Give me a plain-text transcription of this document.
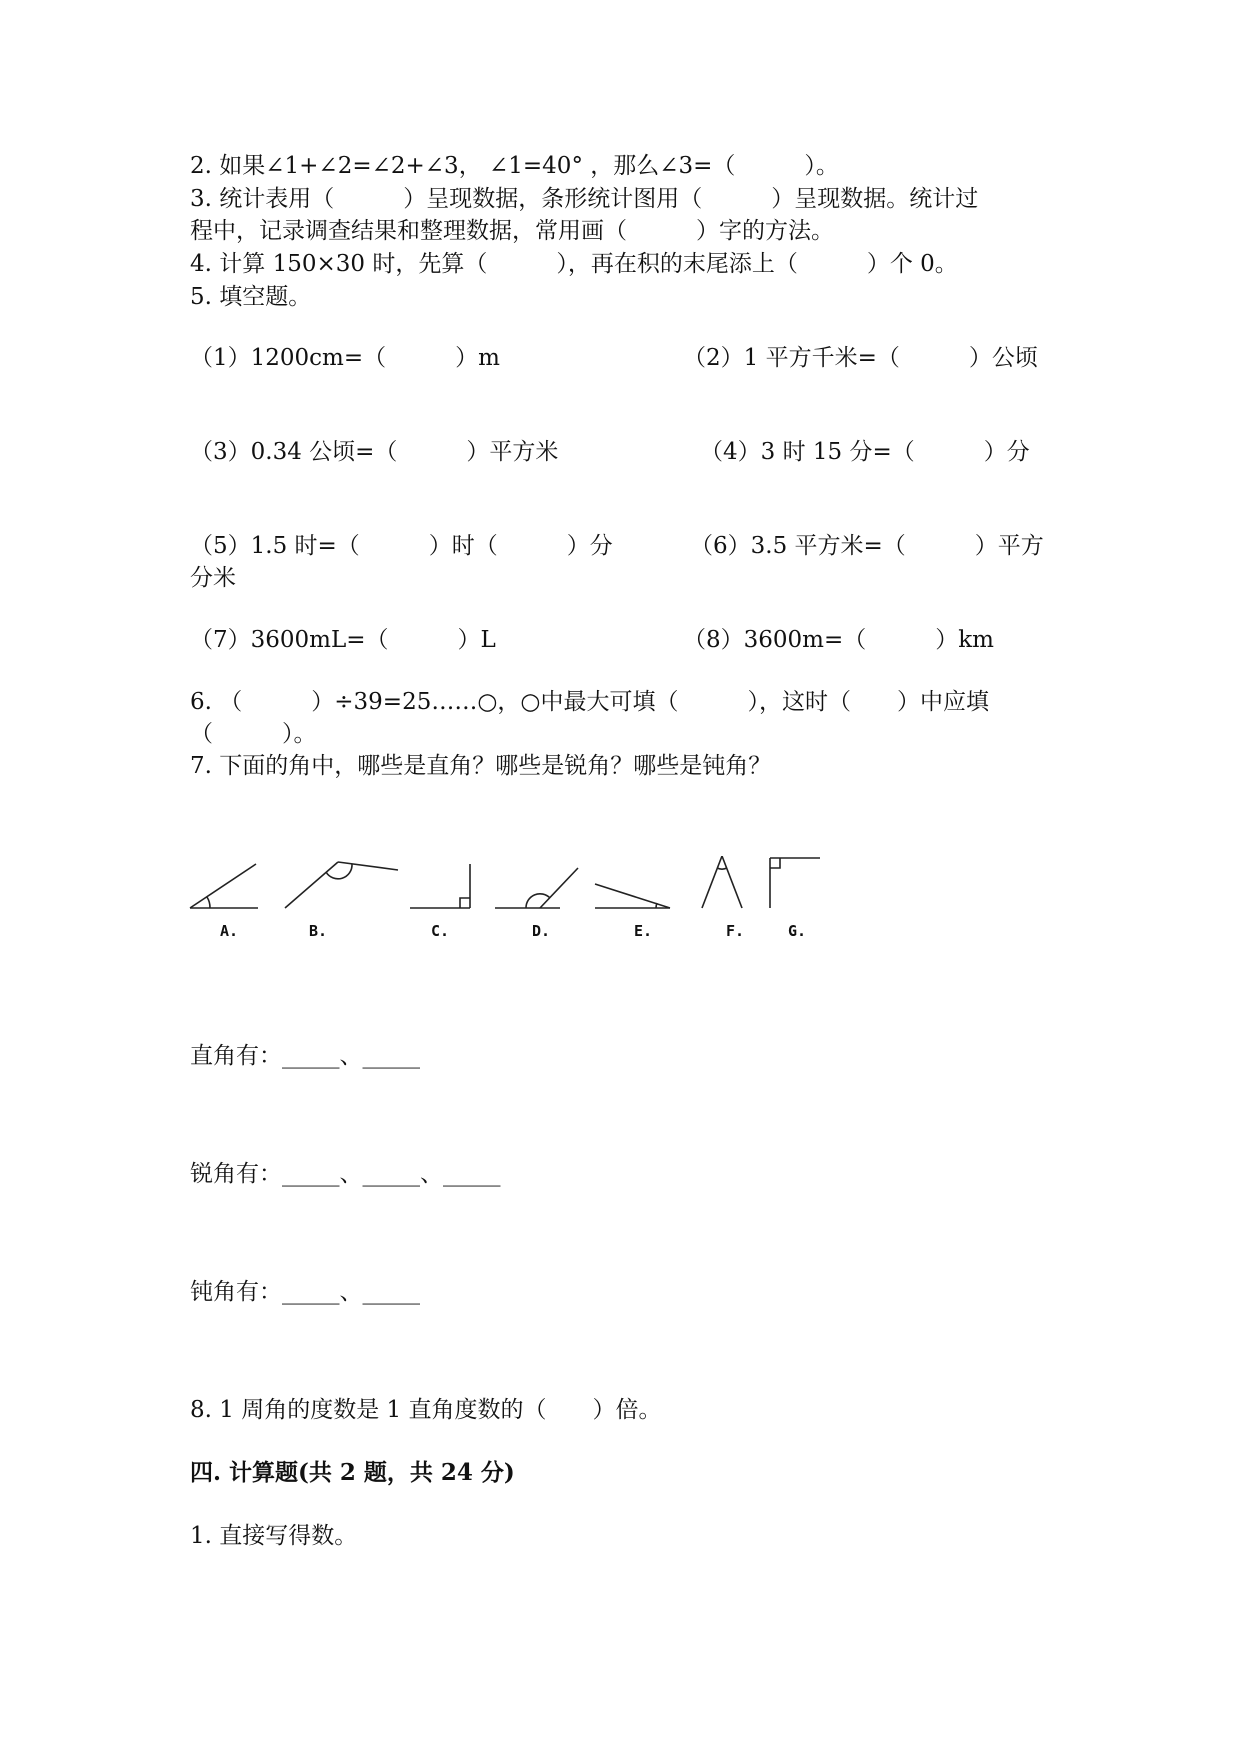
2. 如果∠1+∠2=∠2+∠3， ∠1=40° ，那么∠3=（　　　）。
3. 统计表用（　　　）呈现数据，条形统计图用（　　　）呈现数据。统计过
程中，记录调查结果和整理数据，常用画（　　　）字的方法。
4. 计算 150×30 时，先算（　　　），再在积的末尾添上（　　　）个 0。
5. 填空题。
（1）1200cm=（　　　）m	（2）1 平方千米=（　　　）公顷
（3）0.34 公顷=（　　　）平方米	（4）3 时 15 分=（　　　）分
（5）1.5 时=（　　　）时（　　　）分	（6）3.5 平方米=（　　　）平方
分米
（7）3600mL=（　　　）L	（8）3600m=（　　　）km
6. （　　　）÷39=25……○，○中最大可填（　　　），这时（　　）中应填
（　　　）。
7. 下面的角中，哪些是直角？哪些是锐角？哪些是钝角？
A.	B.	C.	D.	E.	F.	G.
直角有：_____、_____
锐角有：_____、_____、_____
钝角有：_____、_____
8. 1 周角的度数是 1 直角度数的（　　）倍。
四. 计算题(共 2 题，共 24 分)
1. 直接写得数。
